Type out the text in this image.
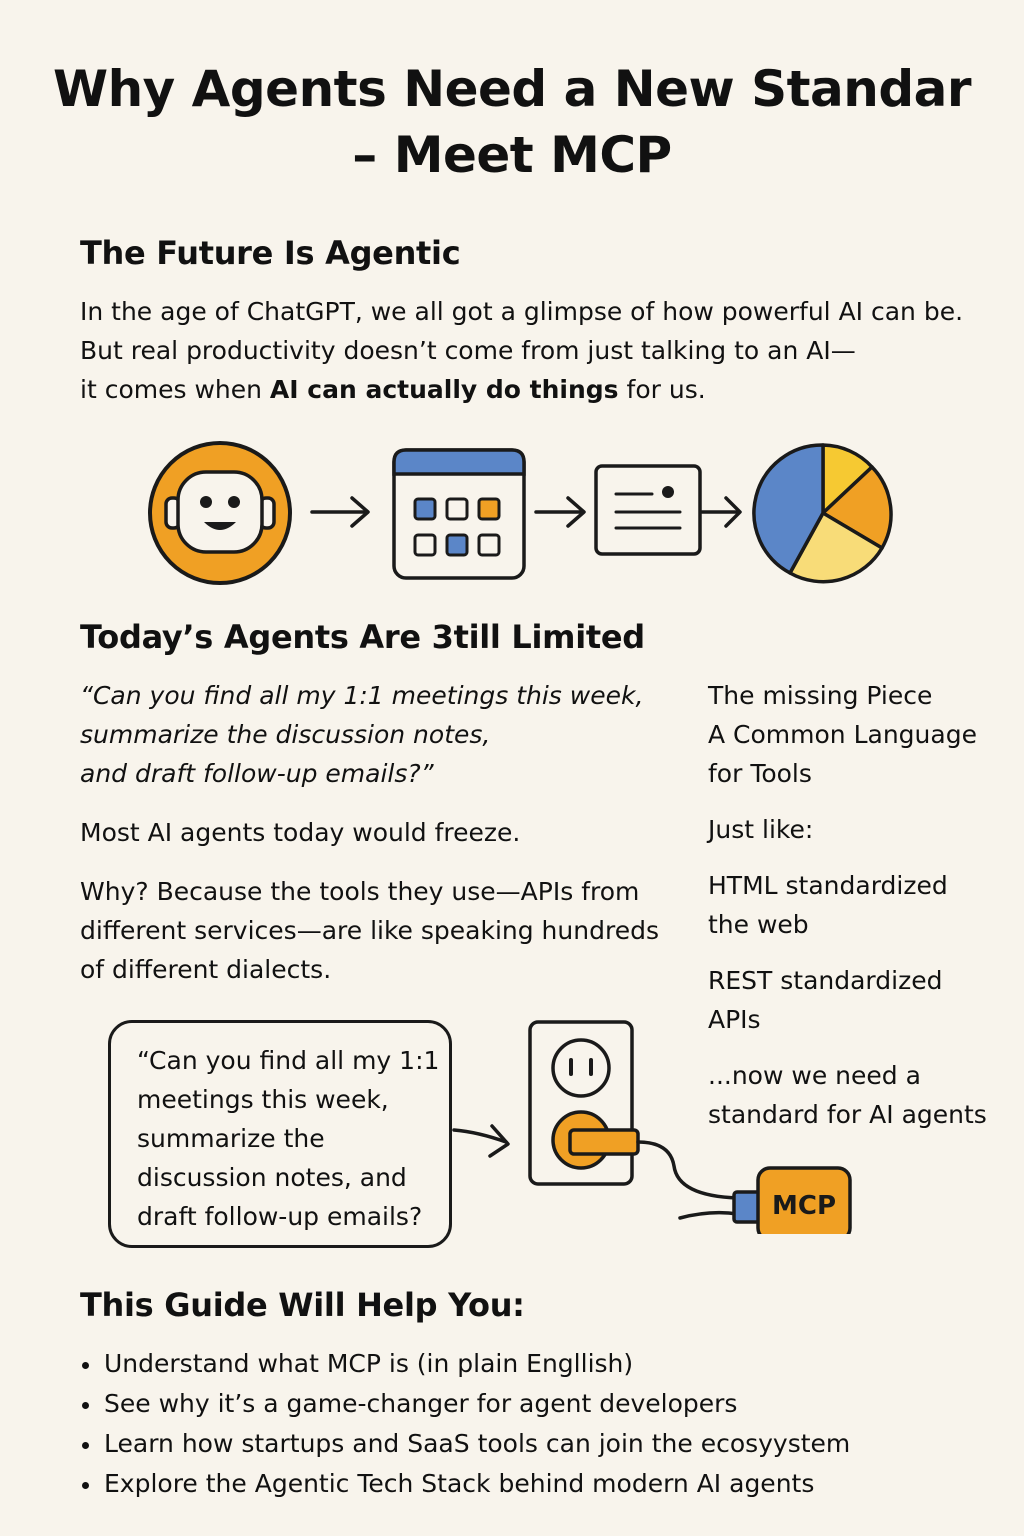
Why Agents Need a New Standar
– Meet MCP
The Future Is Agentic

In the age of ChatGPT, we all got a glimpse of how powerful AI can be.

But real productivity doesn’t come from just talking to an AI—

it comes when AI can actually do things for us.

Today’s Agents Are 3till Limited

“Can you find all my 1:1 meetings this week,

summarize the discussion notes,

and draft follow-up emails?”

Most AI agents today would freeze.

Why? Because the tools they use—APIs from

different services—are like speaking hundreds

of different dialects.

The missing Piece

A Common Language

for Tools

Just like:

HTML standardized

the web

REST standardized

APIs

...now we need a

standard for AI agents

“Can you find all my 1:1
meetings this week,
summarize the
discussion notes, and
draft follow-up emails?	MCP
This Guide Will Help You:
Understand what MCP is (in plain Engllish)
See why it’s a game-changer for agent developers
Learn how startups and SaaS tools can join the ecosyystem
Explore the Agentic Tech Stack behind modern AI agents
